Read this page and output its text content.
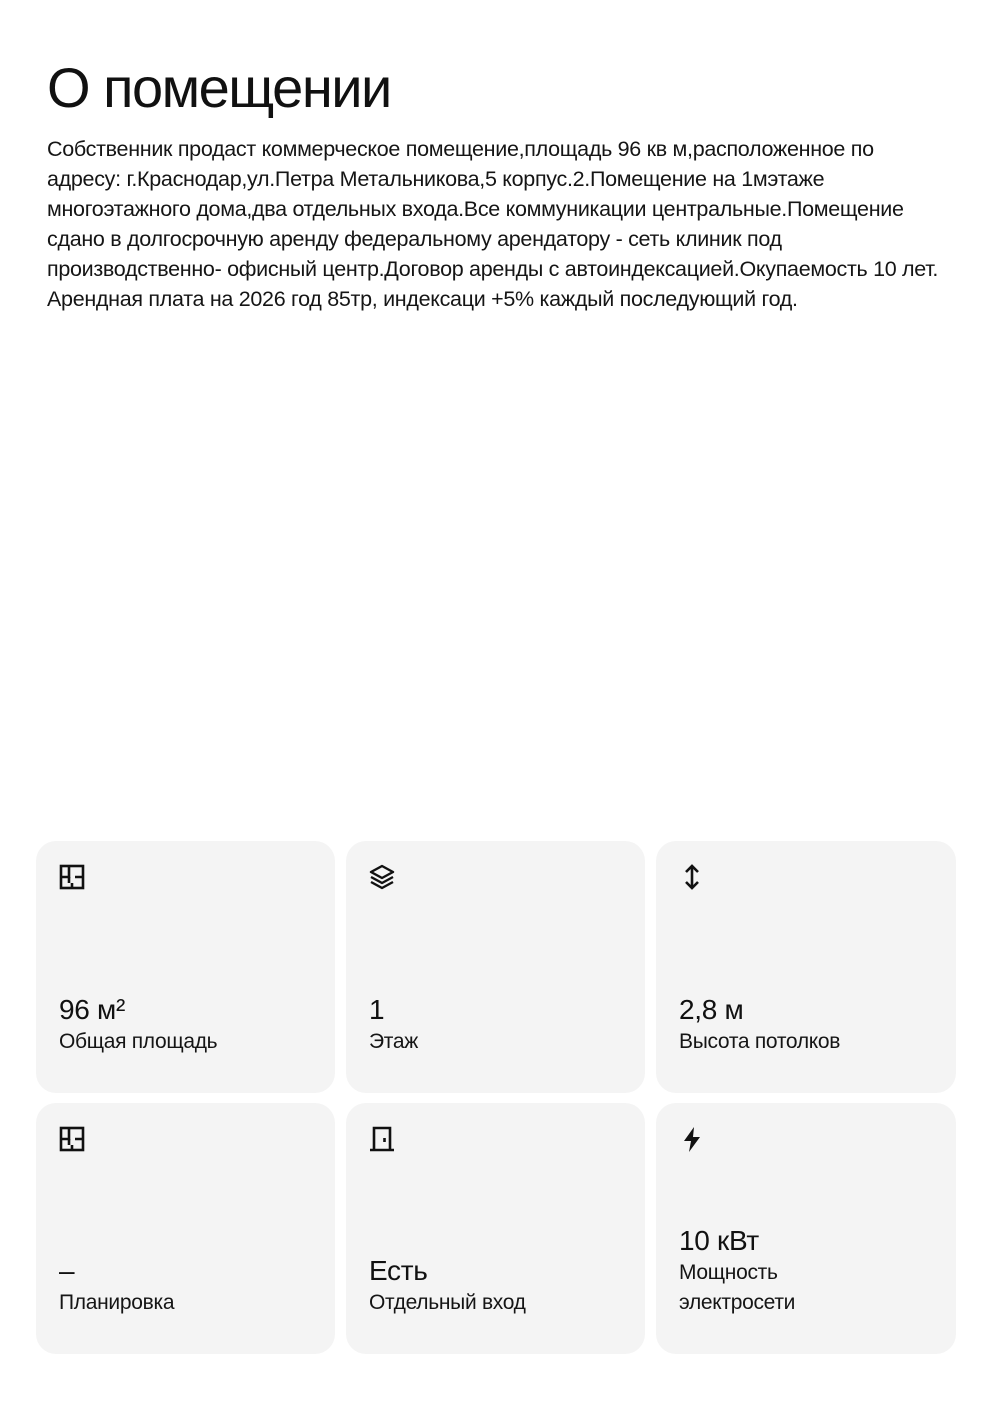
О помещении

Собственник продаст коммерческое помещение,площадь 96 кв м,расположенное по адресу: г.Краснодар,ул.Петра Метальникова,5 корпус.2.Помещение на 1мэтаже многоэтажного дома,два отдельных входа.Все коммуникации центральные.Помещение сдано в долгосрочную аренду федеральному арендатору - сеть клиник под производственно- офисный центр.Договор аренды с автоиндексацией.Окупаемость 10 лет. Арендная плата на 2026 год 85тр, индексаци +5% каждый последующий год.

96 м²
Общая площадь
1
Этаж
2,8 м
Высота потолков
–
Планировка
Есть
Отдельный вход
10 кВт
Мощность электросети
